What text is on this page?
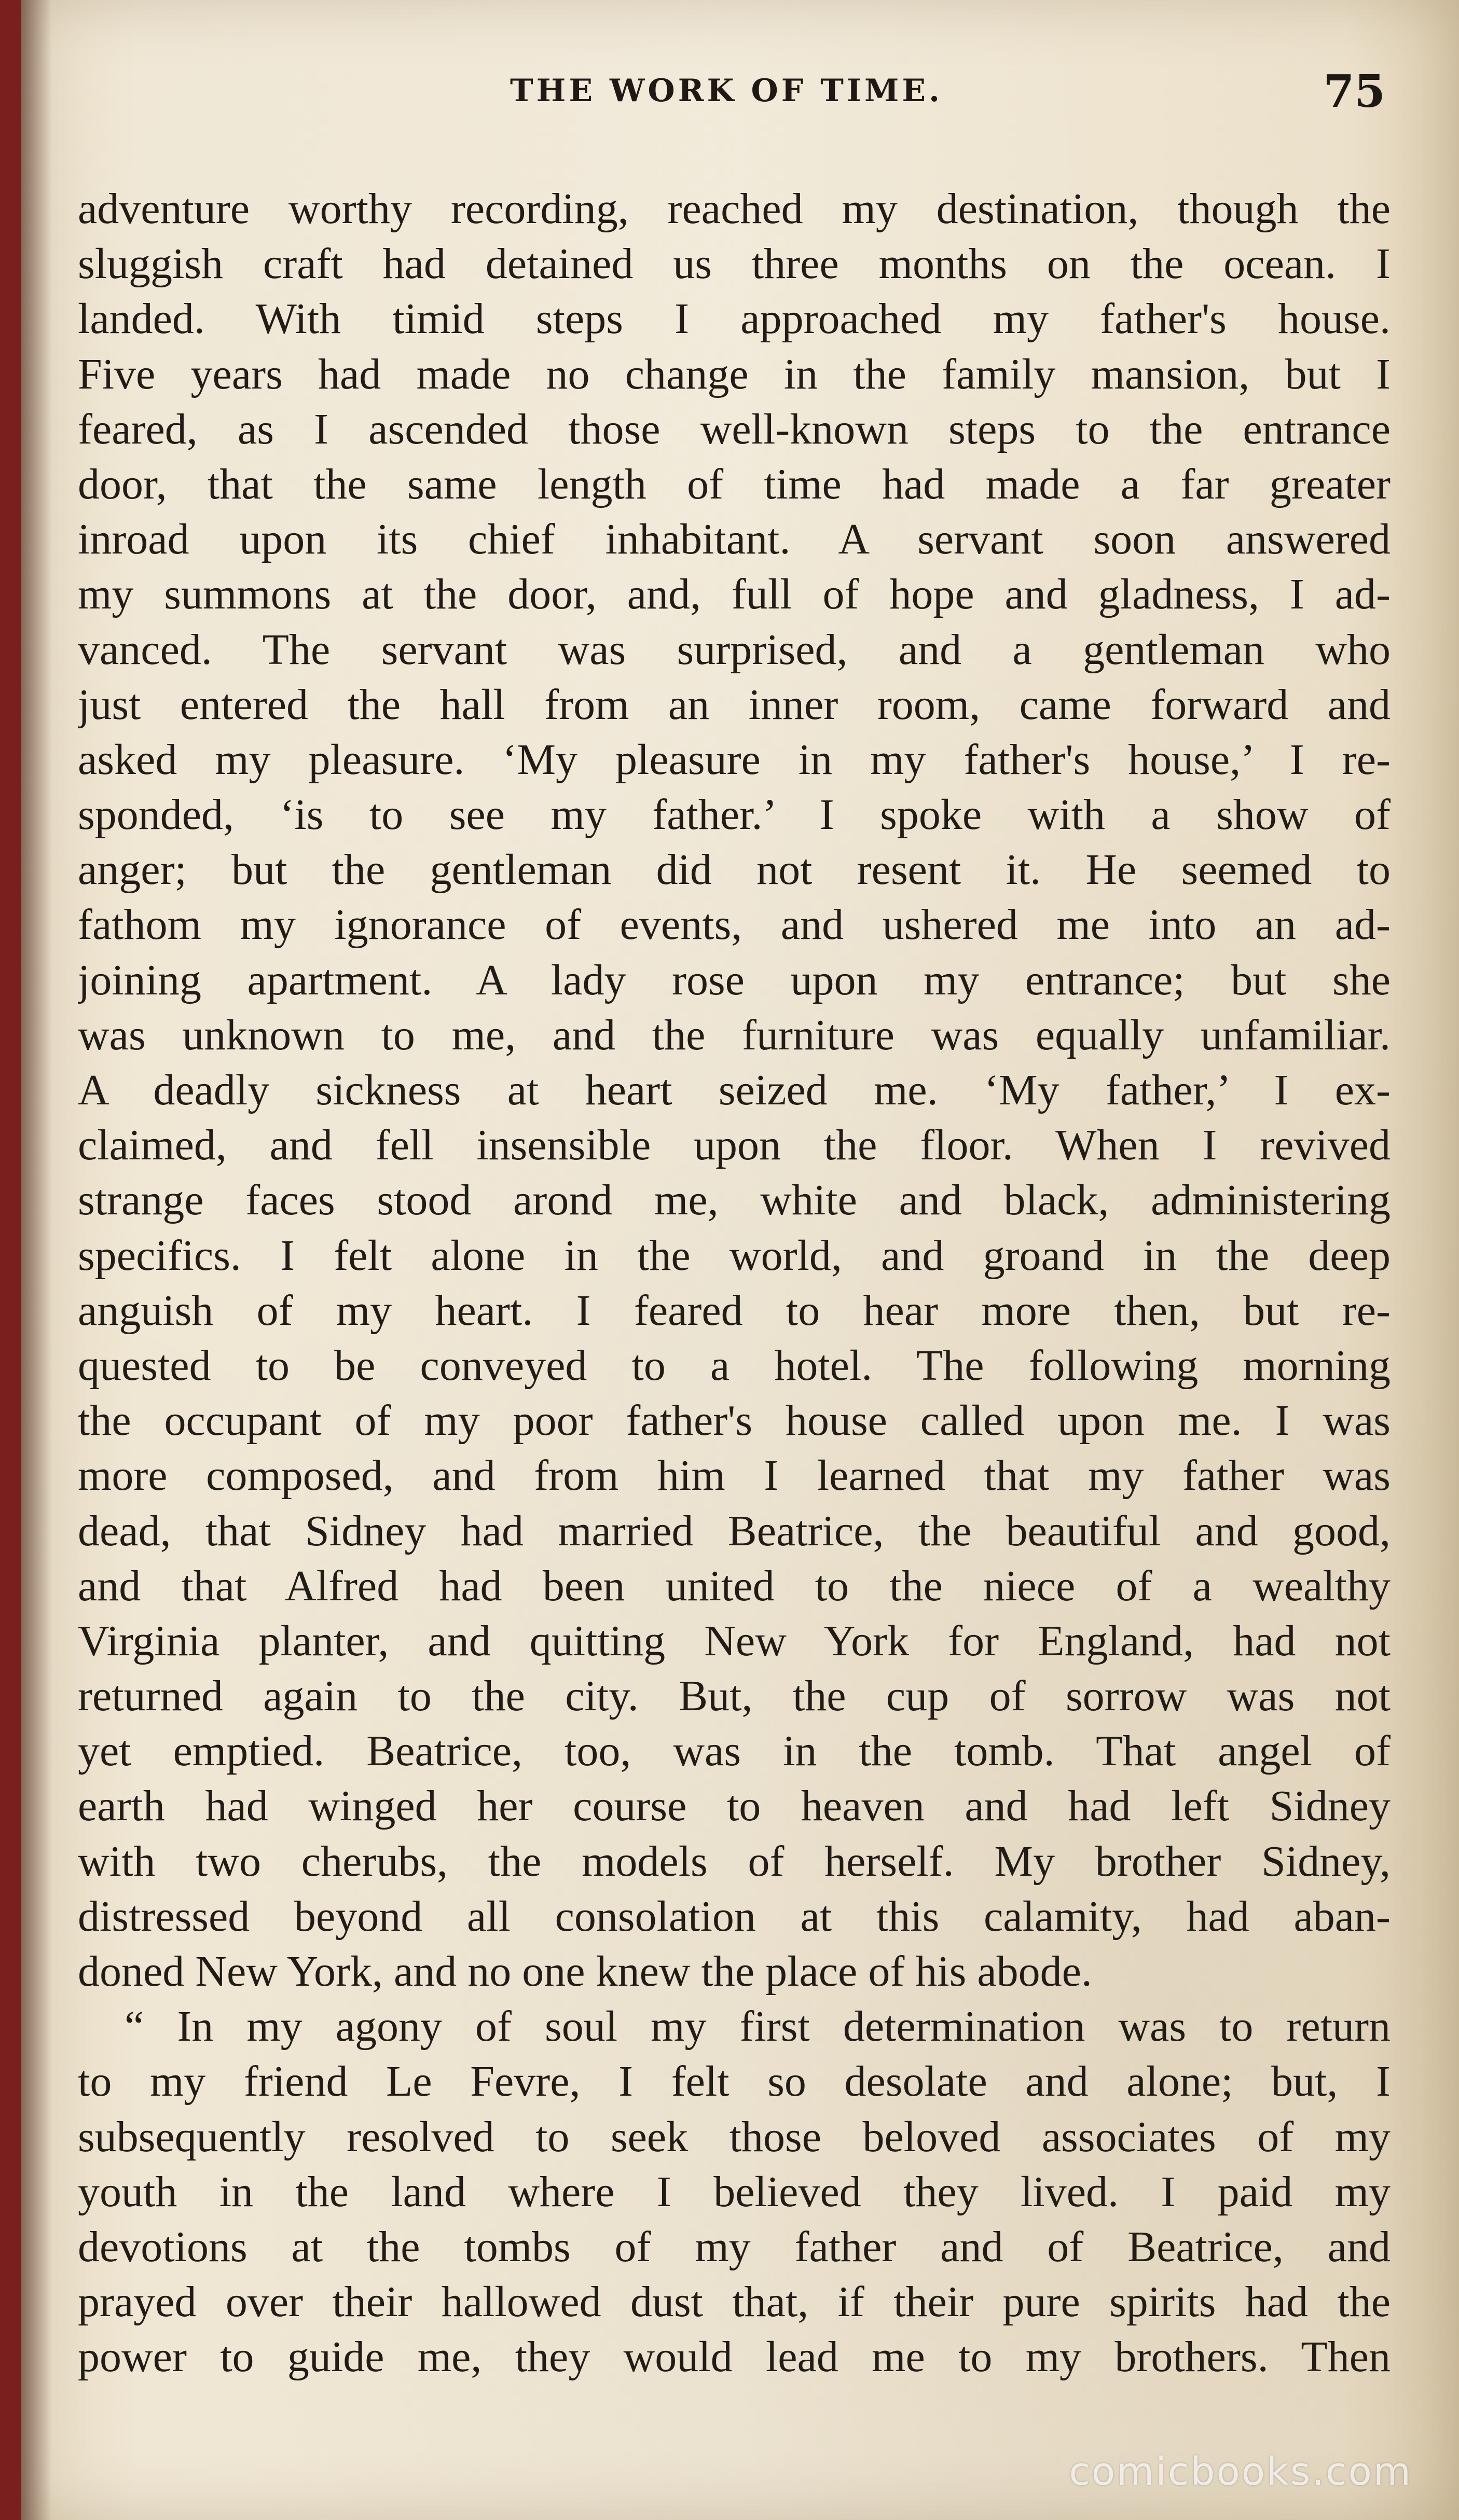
THE WORK OF TIME.	75
adventure worthy recording, reached my destination, though the
sluggish craft had detained us three months on the ocean. I
landed. With timid steps I approached my father's house.
Five years had made no change in the family mansion, but I
feared, as I ascended those well-known steps to the entrance
door, that the same length of time had made a far greater
inroad upon its chief inhabitant. A servant soon answered
my summons at the door, and, full of hope and gladness, I ad-
vanced. The servant was surprised, and a gentleman who
just entered the hall from an inner room, came forward and
asked my pleasure. ‘My pleasure in my father's house,’ I re-
sponded, ‘is to see my father.’ I spoke with a show of
anger; but the gentleman did not resent it. He seemed to
fathom my ignorance of events, and ushered me into an ad-
joining apartment. A lady rose upon my entrance; but she
was unknown to me, and the furniture was equally unfamiliar.
A deadly sickness at heart seized me. ‘My father,’ I ex-
claimed, and fell insensible upon the floor. When I revived
strange faces stood arond me, white and black, administering
specifics. I felt alone in the world, and groand in the deep
anguish of my heart. I feared to hear more then, but re-
quested to be conveyed to a hotel. The following morning
the occupant of my poor father's house called upon me. I was
more composed, and from him I learned that my father was
dead, that Sidney had married Beatrice, the beautiful and good,
and that Alfred had been united to the niece of a wealthy
Virginia planter, and quitting New York for England, had not
returned again to the city. But, the cup of sorrow was not
yet emptied. Beatrice, too, was in the tomb. That angel of
earth had winged her course to heaven and had left Sidney
with two cherubs, the models of herself. My brother Sidney,
distressed beyond all consolation at this calamity, had aban-
doned New York, and no one knew the place of his abode.
“ In my agony of soul my first determination was to return
to my friend Le Fevre, I felt so desolate and alone; but, I
subsequently resolved to seek those beloved associates of my
youth in the land where I believed they lived. I paid my
devotions at the tombs of my father and of Beatrice, and
prayed over their hallowed dust that, if their pure spirits had the
power to guide me, they would lead me to my brothers. Then
comicbooks.com
